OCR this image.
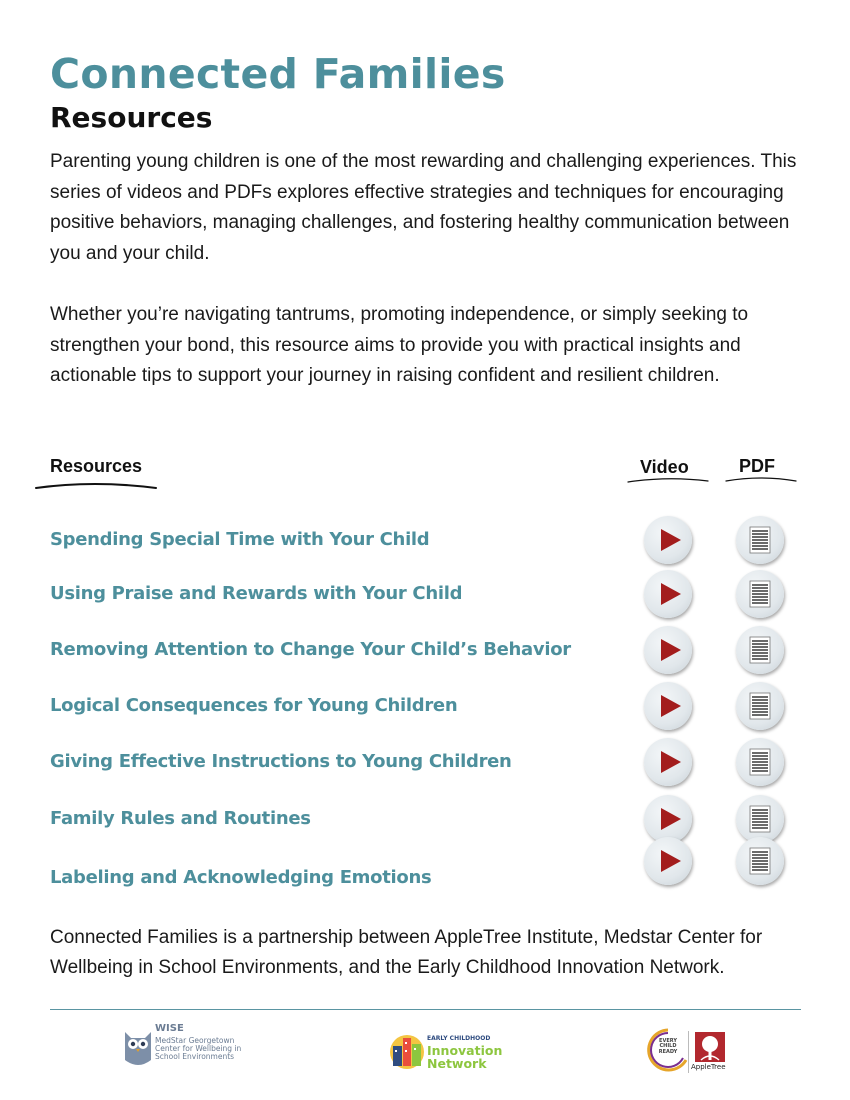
Connected Families
Resources

Parenting young children is one of the most rewarding and challenging experiences. This series of videos and PDFs explores effective strategies and techniques for encouraging positive behaviors, managing challenges, and fostering healthy communication between you and your child.

Whether you’re navigating tantrums, promoting independence, or simply seeking to strengthen your bond, this resource aims to provide you with practical insights and actionable tips to support your journey in raising confident and resilient children.

Resources	Video	PDF
Spending Special Time with Your Child
Using Praise and Rewards with Your Child
Removing Attention to Change Your Child’s Behavior
Logical Consequences for Young Children
Giving Effective Instructions to Young Children
Family Rules and Routines
Labeling and Acknowledging Emotions

Connected Families is a partnership between AppleTree Institute, Medstar Center for Wellbeing in School Environments, and the Early Childhood Innovation Network.

WISE
MedStar Georgetown Center for Wellbeing in School Environments
EARLY CHILDHOOD
Innovation Network
EVERY CHILD READY
AppleTree
